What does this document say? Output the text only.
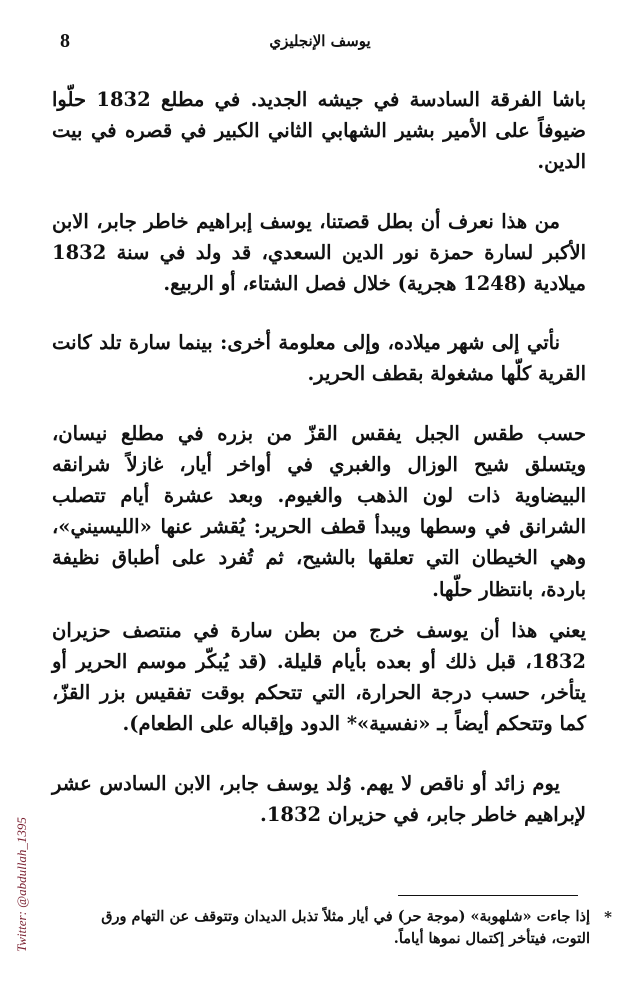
8	يوسف الإنجليزي

باشا الفرقة السادسة في جيشه الجديد. في مطلع 1832 حلّوا ضيوفاً على الأمير بشير الشهابي الثاني الكبير في قصره في بيت الدين.

من هذا نعرف أن بطل قصتنا، يوسف إبراهيم خاطر جابر، الابن الأكبر لسارة حمزة نور الدين السعدي، قد ولد في سنة 1832 ميلادية (1248 هجرية) خلال فصل الشتاء، أو الربيع.

نأتي إلى شهر ميلاده، وإلى معلومة أخرى: بينما سارة تلد كانت القرية كلّها مشغولة بقطف الحرير.

حسب طقس الجبل يفقس القزّ من بزره في مطلع نيسان، ويتسلق شيح الوزال والغبري في أواخر أيار، غازلاً شرانقه البيضاوية ذات لون الذهب والغيوم. وبعد عشرة أيام تتصلب الشرانق في وسطها ويبدأ قطف الحرير: يُقشر عنها «الليسيني»، وهي الخيطان التي تعلقها بالشيح، ثم تُفرد على أطباق نظيفة باردة، بانتظار حلّها.

يعني هذا أن يوسف خرج من بطن سارة في منتصف حزيران 1832، قبل ذلك أو بعده بأيام قليلة. (قد يُبكّر موسم الحرير أو يتأخر، حسب درجة الحرارة، التي تتحكم بوقت تفقيس بزر القزّ، كما وتتحكم أيضاً بـ «نفسية»* الدود وإقباله على الطعام).

يوم زائد أو ناقص لا يهم. وُلد يوسف جابر، الابن السادس عشر لإبراهيم خاطر جابر، في حزيران 1832.

*
إذا جاءت «شلهوبة» (موجة حر) في أيار مثلاً تذبل الديدان وتتوقف عن التهام ورق التوت، فيتأخر إكتمال نموها أياماً.
Twitter: @abdullah_1395
